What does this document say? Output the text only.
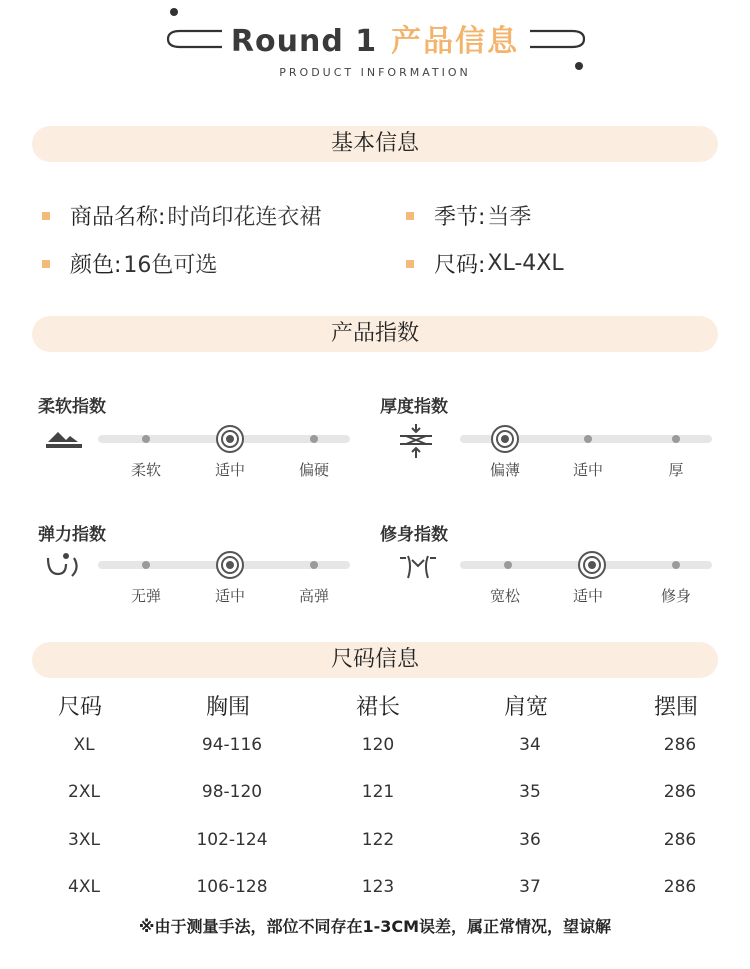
Round 1 产品信息
PRODUCT INFORMATION
基本信息
商品名称: 时尚印花连衣裙	季节: 当季
颜色: 16色可选	尺码: XL-4XL
产品指数
柔软指数
柔软	适中	偏硬
厚度指数
偏薄	适中	厚
弹力指数
无弹	适中	高弹
修身指数
宽松	适中	修身
尺码信息
尺码	胸围	裙长	肩宽	摆围
XL	94-116	120	34	286
2XL	98-120	121	35	286
3XL	102-124	122	36	286
4XL	106-128	123	37	286
※由于测量手法，部位不同存在1-3CM误差，属正常情况，望谅解
